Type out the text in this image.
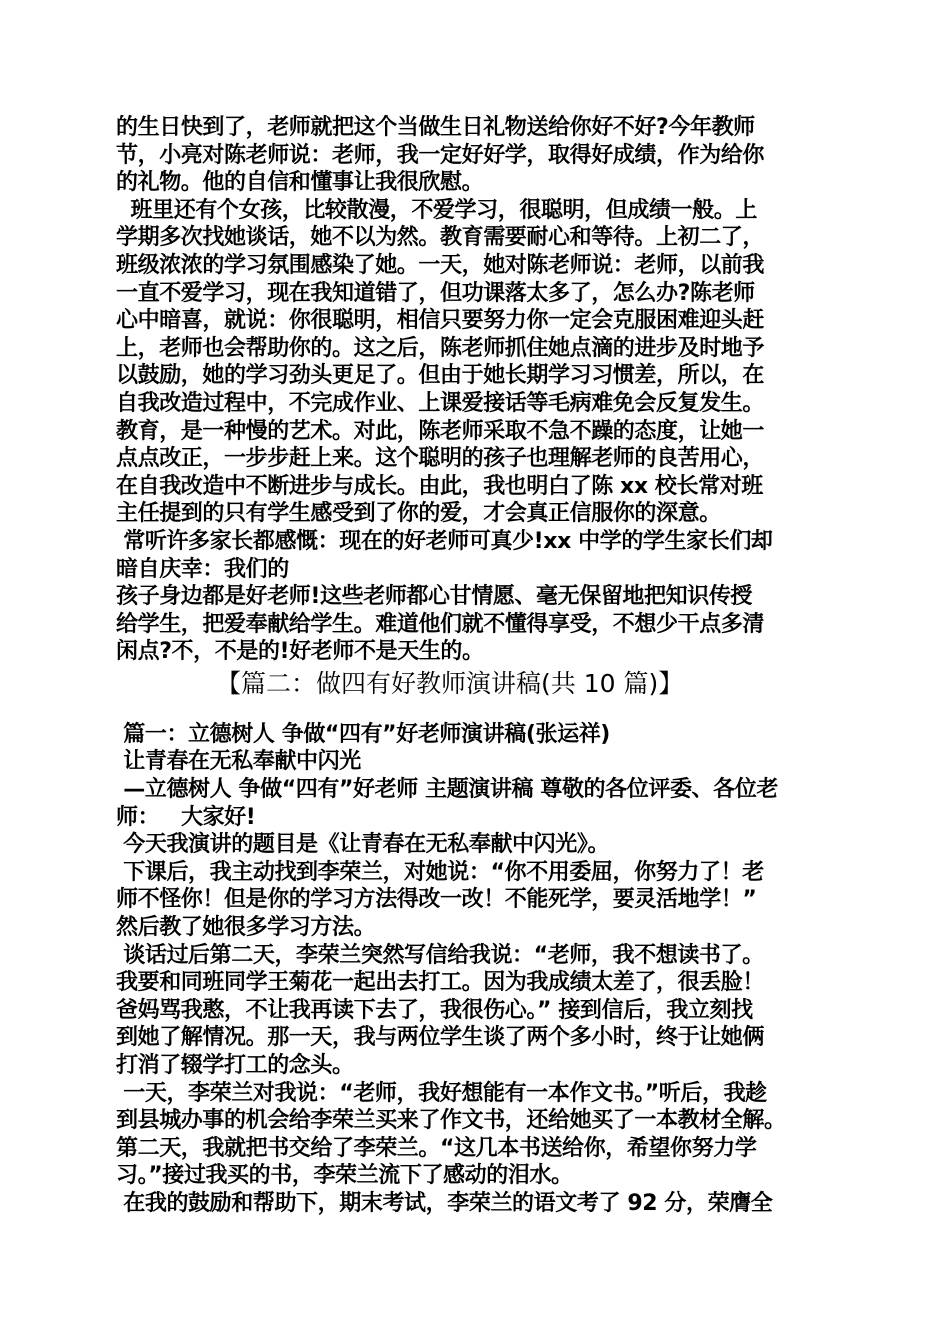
的生日快到了，老师就把这个当做生日礼物送给你好不好?今年教师
节，小亮对陈老师说：老师，我一定好好学，取得好成绩，作为给你
的礼物。他的自信和懂事让我很欣慰。
班里还有个女孩，比较散漫，不爱学习，很聪明，但成绩一般。上
学期多次找她谈话，她不以为然。教育需要耐心和等待。上初二了，
班级浓浓的学习氛围感染了她。一天，她对陈老师说：老师，以前我
一直不爱学习，现在我知道错了，但功课落太多了，怎么办?陈老师
心中暗喜，就说：你很聪明，相信只要努力你一定会克服困难迎头赶
上，老师也会帮助你的。这之后，陈老师抓住她点滴的进步及时地予
以鼓励，她的学习劲头更足了。但由于她长期学习习惯差，所以，在
自我改造过程中，不完成作业、上课爱接话等毛病难免会反复发生。
教育，是一种慢的艺术。对此，陈老师采取不急不躁的态度，让她一
点点改正，一步步赶上来。这个聪明的孩子也理解老师的良苦用心，
在自我改造中不断进步与成长。由此，我也明白了陈 xx 校长常对班
主任提到的只有学生感受到了你的爱，才会真正信服你的深意。
常听许多家长都感慨：现在的好老师可真少!xx 中学的学生家长们却
暗自庆幸：我们的
孩子身边都是好老师!这些老师都心甘情愿、毫无保留地把知识传授
给学生，把爱奉献给学生。难道他们就不懂得享受，不想少干点多清
闲点?不，不是的!好老师不是天生的。
【篇二：做四有好教师演讲稿(共 10 篇)】
篇一：立德树人 争做“四有”好老师演讲稿(张运祥)
让青春在无私奉献中闪光
—立德树人 争做“四有”好老师 主题演讲稿 尊敬的各位评委、各位老
师：   大家好!
今天我演讲的题目是《让青春在无私奉献中闪光》。
下课后，我主动找到李荣兰，对她说：“你不用委屈，你努力了！老
师不怪你！但是你的学习方法得改一改！不能死学，要灵活地学！”
然后教了她很多学习方法。
谈话过后第二天，李荣兰突然写信给我说：“老师，我不想读书了。
我要和同班同学王菊花一起出去打工。因为我成绩太差了，很丢脸！
爸妈骂我憨，不让我再读下去了，我很伤心。” 接到信后，我立刻找
到她了解情况。那一天，我与两位学生谈了两个多小时，终于让她俩
打消了辍学打工的念头。
一天，李荣兰对我说：“老师，我好想能有一本作文书。”听后，我趁
到县城办事的机会给李荣兰买来了作文书，还给她买了一本教材全解。
第二天，我就把书交给了李荣兰。“这几本书送给你，希望你努力学
习。”接过我买的书，李荣兰流下了感动的泪水。
在我的鼓励和帮助下，期末考试，李荣兰的语文考了 92 分，荣膺全
